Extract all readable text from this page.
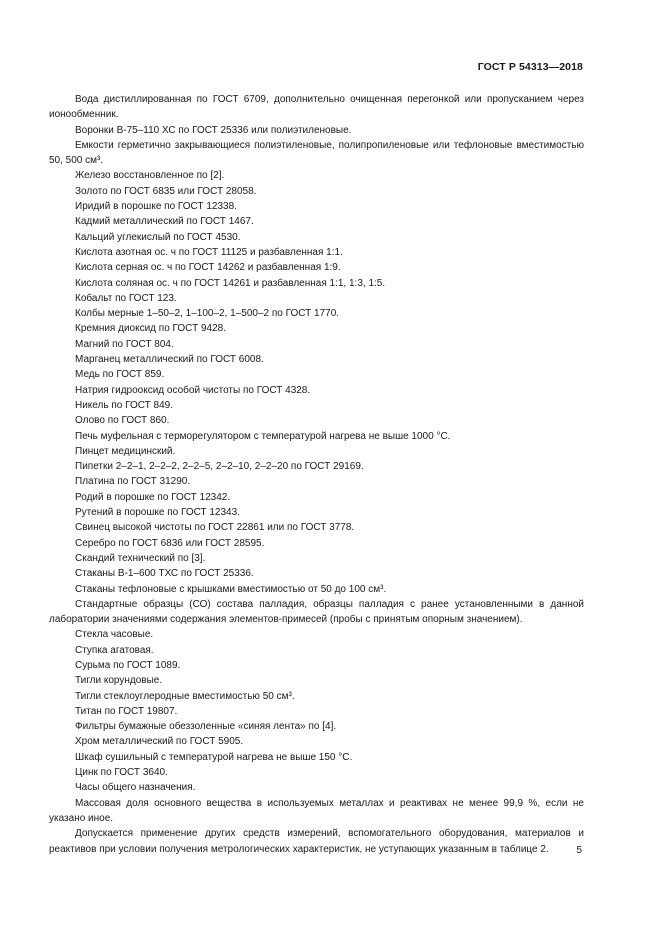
ГОСТ Р 54313—2018

Вода дистиллированная по ГОСТ 6709, дополнительно очищенная перегонкой или пропусканием через ионообменник.

Воронки В-75–110 ХС по ГОСТ 25336 или полиэтиленовые.

Емкости герметично закрывающиеся полиэтиленовые, полипропиленовые или тефлоновые вместимостью 50, 500 см³.

Железо восстановленное по [2].

Золото по ГОСТ 6835 или ГОСТ 28058.

Иридий в порошке по ГОСТ 12338.

Кадмий металлический по ГОСТ 1467.

Кальций углекислый по ГОСТ 4530.

Кислота азотная ос. ч по ГОСТ 11125 и разбавленная 1:1.

Кислота серная ос. ч по ГОСТ 14262 и разбавленная 1:9.

Кислота соляная ос. ч по ГОСТ 14261 и разбавленная 1:1, 1:3, 1:5.

Кобальт по ГОСТ 123.

Колбы мерные 1–50–2, 1–100–2, 1–500–2 по ГОСТ 1770.

Кремния диоксид по ГОСТ 9428.

Магний по ГОСТ 804.

Марганец металлический по ГОСТ 6008.

Медь по ГОСТ 859.

Натрия гидрооксид особой чистоты по ГОСТ 4328.

Никель по ГОСТ 849.

Олово по ГОСТ 860.

Печь муфельная с терморегулятором с температурой нагрева не выше 1000 °С.

Пинцет медицинский.

Пипетки 2–2–1, 2–2–2, 2–2–5, 2–2–10, 2–2–20 по ГОСТ 29169.

Платина по ГОСТ 31290.

Родий в порошке по ГОСТ 12342.

Рутений в порошке по ГОСТ 12343.

Свинец высокой чистоты по ГОСТ 22861 или по ГОСТ 3778.

Серебро по ГОСТ 6836 или ГОСТ 28595.

Скандий технический по [3].

Стаканы В-1–600 ТХС по ГОСТ 25336.

Стаканы тефлоновые с крышками вместимостью от 50 до 100 см³.

Стандартные образцы (СО) состава палладия, образцы палладия с ранее установленными в данной лаборатории значениями содержания элементов-примесей (пробы с принятым опорным значением).

Стекла часовые.

Ступка агатовая.

Сурьма по ГОСТ 1089.

Тигли корундовые.

Тигли стеклоуглеродные вместимостью 50 см³.

Титан по ГОСТ 19807.

Фильтры бумажные обеззоленные «синяя лента» по [4].

Хром металлический по ГОСТ 5905.

Шкаф сушильный с температурой нагрева не выше 150 °С.

Цинк по ГОСТ 3640.

Часы общего назначения.

Массовая доля основного вещества в используемых металлах и реактивах не менее 99,9 %, если не указано иное.

Допускается применение других средств измерений, вспомогательного оборудования, материалов и реактивов при условии получения метрологических характеристик, не уступающих указанным в таблице 2.	5
